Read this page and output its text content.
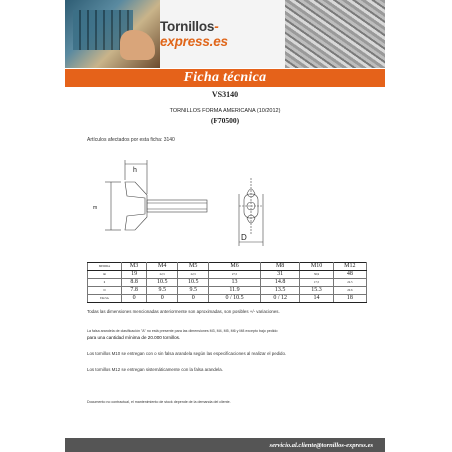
Tornillos-express.es
Ficha técnica
VS3140
TORNILLOS FORMA AMERICANA (10/2012)
(F70500)
Artículos afectados por esta ficha: 3140
h
m
D
MEDIDA	M3	M4	M5	M6	M8	M10	M12
mi	19	22,5	22,5	27,5	31	36,9	48
h	8.8	10.5	10.5	13	14.8	17,5	22.5
D	7.8	9.5	9.5	11.9	13.5	15.3	20.6
FALSA	0	0	0	0 / 10.5	0 / 12	14	18
Todas las dimensiones mencionadas anteriormente son aproximadas, son posibles +/- variaciones.
La falsa arandela de clasificación "A" no está presente para las dimensiones M3, M4, M5, M6 y M8 excepto bajo pedido
para una cantidad mínima de 20.000 tornillos.
Los tornillos M10 se entregan con o sin falsa arandela según las especificaciones al realizar el pedido.
Los tornillos M12 se entregan sistemáticamente con la falsa arandela.
Documento no contractual, el mantenimiento de stock depende de la demanda del cliente.
servicio.al.cliente@tornillos-express.es
